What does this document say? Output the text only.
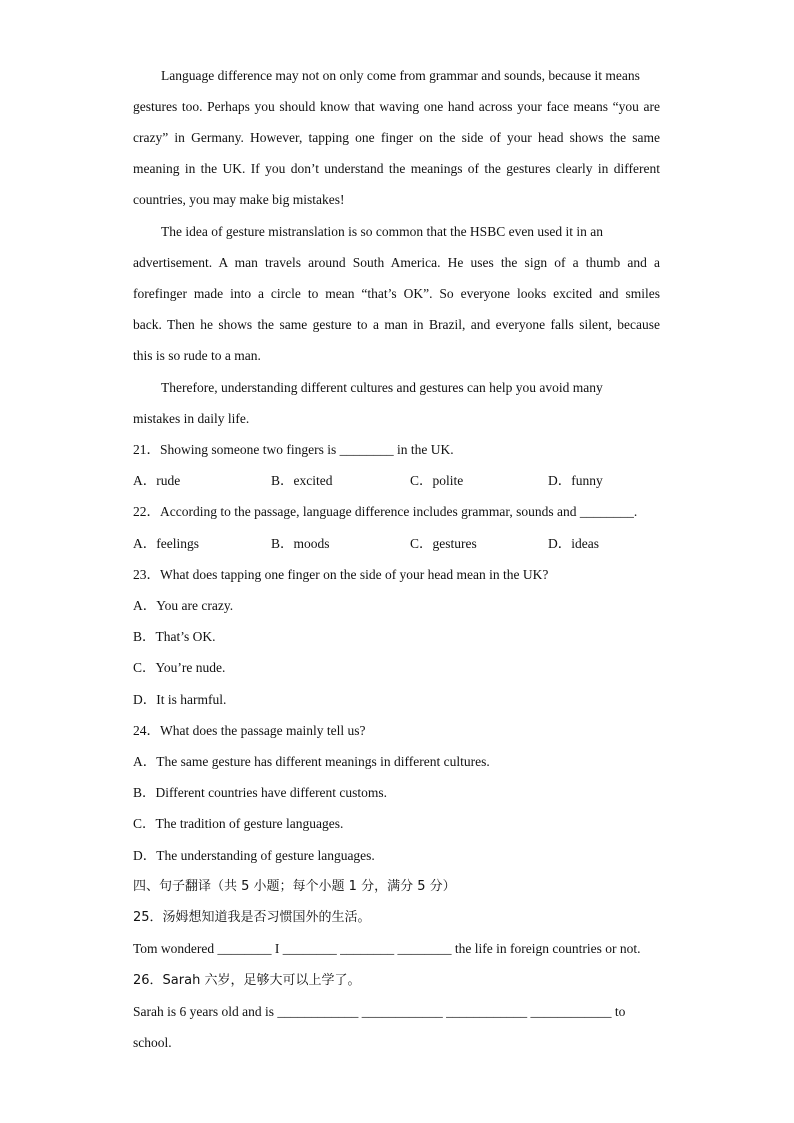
Language difference may not on only come from grammar and sounds, because it means
gestures too. Perhaps you should know that waving one hand across your face means “you are
crazy” in Germany. However, tapping one finger on the side of your head shows the same
meaning in the UK. If you don’t understand the meanings of the gestures clearly in different
countries, you may make big mistakes!
The idea of gesture mistranslation is so common that the HSBC even used it in an
advertisement. A man travels around South America. He uses the sign of a thumb and a
forefinger made into a circle to mean “that’s OK”. So everyone looks excited and smiles
back. Then he shows the same gesture to a man in Brazil, and everyone falls silent, because
this is so rude to a man.
Therefore, understanding different cultures and gestures can help you avoid many
mistakes in daily life.
21．Showing someone two fingers is ________ in the UK.
A．rude	B．excited	C．polite	D．funny
22．According to the passage, language difference includes grammar, sounds and ________.
A．feelings	B．moods	C．gestures	D．ideas
23．What does tapping one finger on the side of your head mean in the UK?
A．You are crazy.
B．That’s OK.
C．You’re nude.
D．It is harmful.
24．What does the passage mainly tell us?
A．The same gesture has different meanings in different cultures.
B．Different countries have different customs.
C．The tradition of gesture languages.
D．The understanding of gesture languages.
四、句子翻译（共 5 小题；每个小题 1 分，满分 5 分）
25．汤姆想知道我是否习惯国外的生活。
Tom wondered ________ I ________ ________ ________ the life in foreign countries or not.
26．Sarah 六岁，足够大可以上学了。
Sarah is 6 years old and is ____________ ____________ ____________ ____________ to
school.
